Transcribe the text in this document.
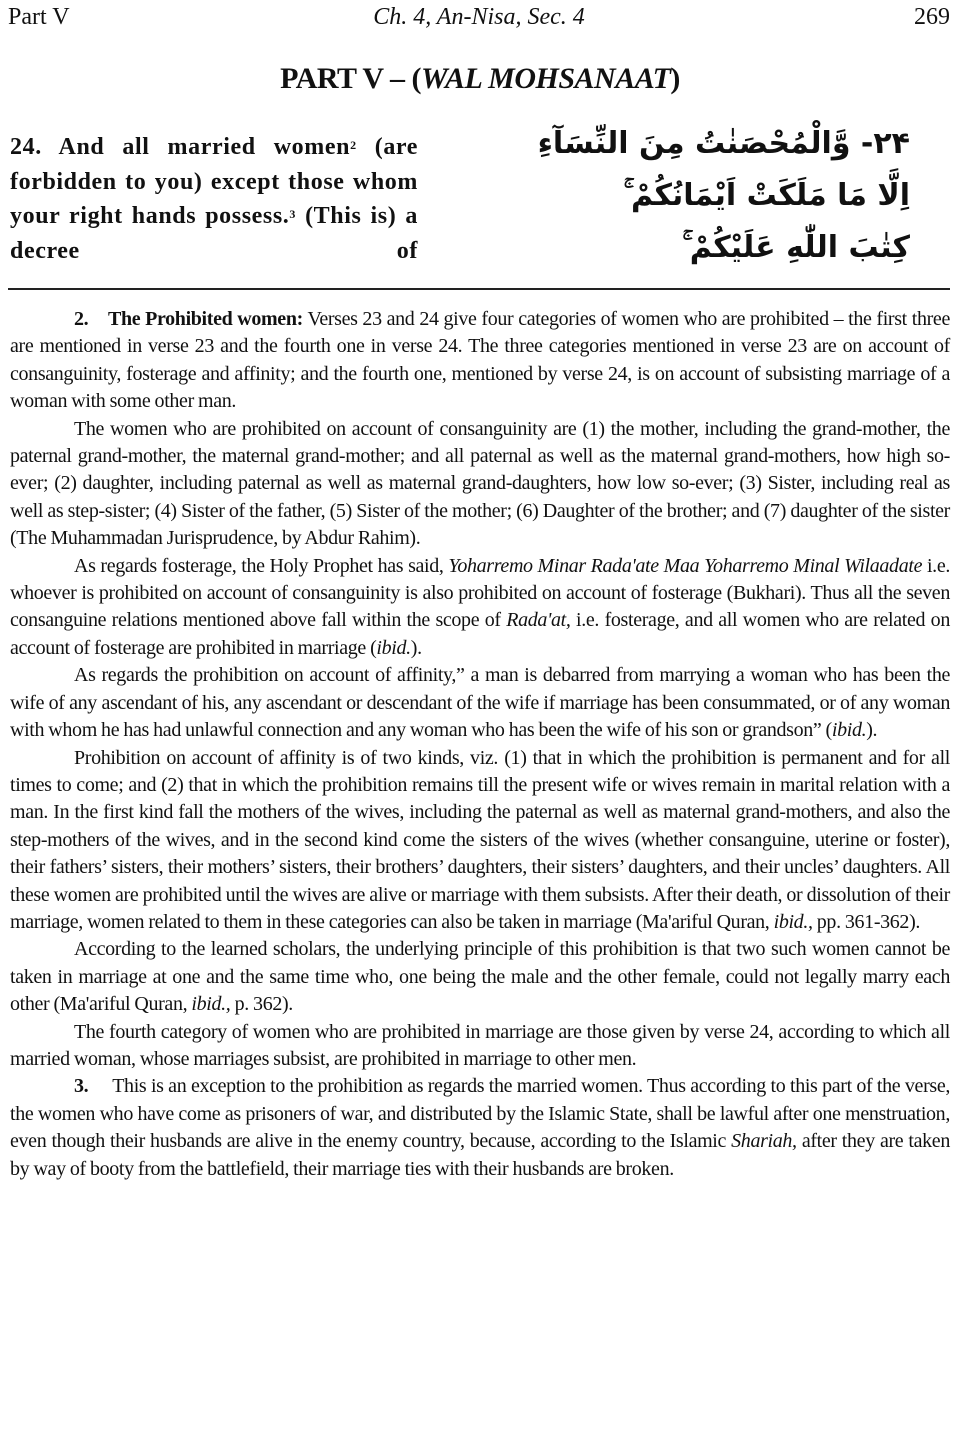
Part V	Ch. 4, An-Nisa, Sec. 4	269
PART V – (WAL MOHSANAAT)
24. And all married women$^2$ (are forbidden to you) except those whom your right hands possess.$^3$ (This is) a decree of
۲۴- وَّالْمُحْصَنٰتُ مِنَ النِّسَآءِ
اِلَّا مَا مَلَكَتْ اَيْمَانُكُمْ ۚ
كِتٰبَ اللّٰهِ عَلَيْكُمْ ۚ

2. The Prohibited women: Verses 23 and 24 give four categories of women who are prohibited – the first three are mentioned in verse 23 and the fourth one in verse 24. The three categories mentioned in verse 23 are on account of consanguinity, fosterage and affinity; and the fourth one, mentioned by verse 24, is on account of subsisting marriage of a woman with some other man.

The women who are prohibited on account of consanguinity are (1) the mother, including the grand-mother, the paternal grand-mother, the maternal grand-mother; and all paternal as well as the maternal grand-mothers, how high so-ever; (2) daughter, including paternal as well as maternal grand-daughters, how low so-ever; (3) Sister, including real as well as step-sister; (4) Sister of the father, (5) Sister of the mother; (6) Daughter of the brother; and (7) daughter of the sister (The Muhammadan Jurisprudence, by Abdur Rahim).

As regards fosterage, the Holy Prophet has said, Yoharremo Minar Rada'ate Maa Yoharremo Minal Wilaadate i.e. whoever is prohibited on account of consanguinity is also prohibited on account of fosterage (Bukhari). Thus all the seven consanguine relations mentioned above fall within the scope of Rada'at, i.e. fosterage, and all women who are related on account of fosterage are prohibited in marriage (ibid.).

As regards the prohibition on account of affinity,” a man is debarred from marrying a woman who has been the wife of any ascendant of his, any ascendant or descendant of the wife if marriage has been consummated, or of any woman with whom he has had unlawful connection and any woman who has been the wife of his son or grandson” (ibid.).

Prohibition on account of affinity is of two kinds, viz. (1) that in which the prohibition is permanent and for all times to come; and (2) that in which the prohibition remains till the present wife or wives remain in marital relation with a man. In the first kind fall the mothers of the wives, including the paternal as well as maternal grand-mothers, and also the step-mothers of the wives, and in the second kind come the sisters of the wives (whether consanguine, uterine or foster), their fathers’ sisters, their mothers’ sisters, their brothers’ daughters, their sisters’ daughters, and their uncles’ daughters. All these women are prohibited until the wives are alive or marriage with them subsists. After their death, or dissolution of their marriage, women related to them in these categories can also be taken in marriage (Ma'ariful Quran, ibid., pp. 361-362).

According to the learned scholars, the underlying principle of this prohibition is that two such women cannot be taken in marriage at one and the same time who, one being the male and the other female, could not legally marry each other (Ma'ariful Quran, ibid., p. 362).

The fourth category of women who are prohibited in marriage are those given by verse 24, according to which all married woman, whose marriages subsist, are prohibited in marriage to other men.

3.  This is an exception to the prohibition as regards the married women. Thus according to this part of the verse, the women who have come as prisoners of war, and distributed by the Islamic State, shall be lawful after one menstruation, even though their husbands are alive in the enemy country, because, according to the Islamic Shariah, after they are taken by way of booty from the battlefield, their marriage ties with their husbands are broken.
